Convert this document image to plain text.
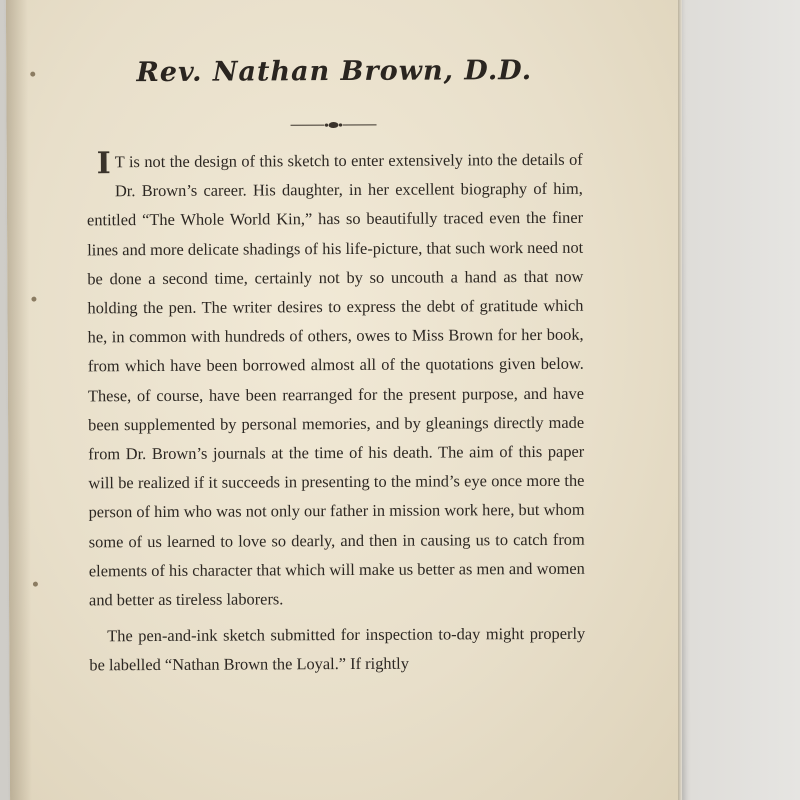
Rev. Nathan Brown, D.D.

I T is not the design of this sketch to enter extensively into the details of Dr. Brown’s career. His daughter, in her excellent biography of him, entitled “The Whole World Kin,” has so beautifully traced even the finer lines and more delicate shadings of his life-picture, that such work need not be done a second time, certainly not by so uncouth a hand as that now holding the pen. The writer desires to express the debt of gratitude which he, in common with hundreds of others, owes to Miss Brown for her book, from which have been borrowed almost all of the quotations given below. These, of course, have been rearranged for the present purpose, and have been supplemented by personal memories, and by gleanings directly made from Dr. Brown’s journals at the time of his death. The aim of this paper will be realized if it succeeds in presenting to the mind’s eye once more the person of him who was not only our father in mission work here, but whom some of us learned to love so dearly, and then in causing us to catch from elements of his character that which will make us better as men and women and better as tireless laborers.

The pen-and-ink sketch submitted for inspection to-day might properly be labelled “Nathan Brown the Loyal.” If rightly
